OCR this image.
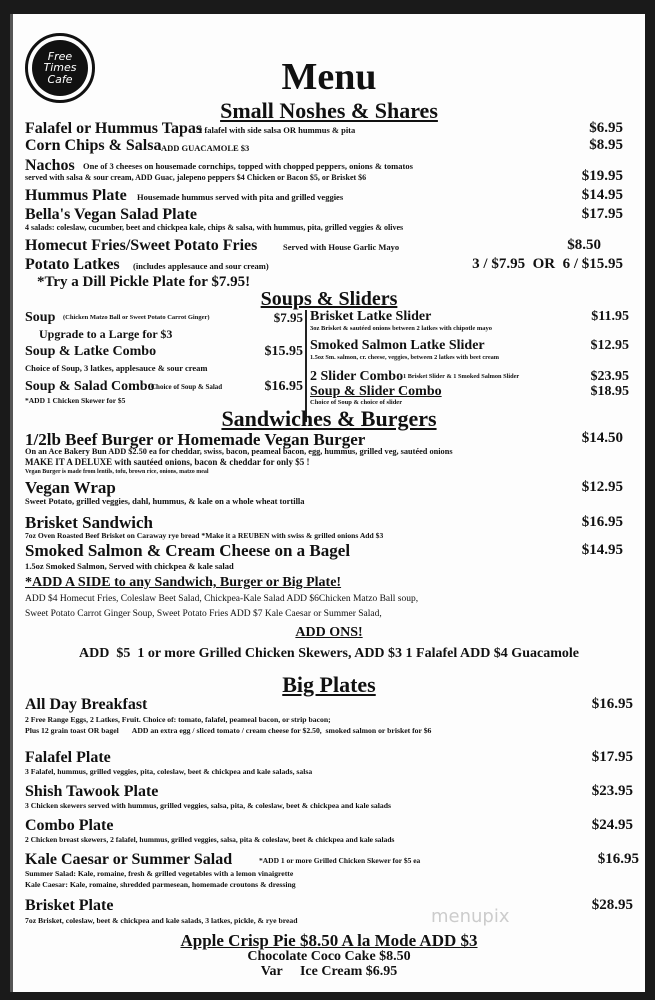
Free
Times
Cafe	Menu
Small Noshes & Shares
Falafel or Hummus Tapas
2 falafel with side salsa OR hummus & pita	$6.95
Corn Chips & Salsa ADD GUACAMOLE $3	$8.95
Nachos One of 3 cheeses on housemade cornchips, topped with chopped peppers, onions & tomatos
served with salsa & sour cream, ADD Guac, jalepeno peppers $4 Chicken or Bacon $5, or Brisket $6	$19.95
Hummus Plate Housemade hummus served with pita and grilled veggies	$14.95
Bella's Vegan Salad Plate
4 salads: coleslaw, cucumber, beet and chickpea kale, chips & salsa, with hummus, pita, grilled veggies & olives
$17.95
Homecut Fries/Sweet Potato Fries	Served with House Garlic Mayo	$8.50
Potato Latkes (includes applesauce and sour cream)	3 / $7.95  OR  6 / $15.95
*Try a Dill Pickle Plate for $7.95!
Soups & Sliders
Soup (Chicken Matzo Ball or Sweet Potato Carrot Ginger)	$7.95
Upgrade to a Large for $3
Soup & Latke Combo	$15.95
Choice of Soup, 3 latkes, applesauce & sour cream
Soup & Salad Combo
Choice of Soup & Salad	$16.95
*ADD 1 Chicken Skewer for $5
Brisket Latke Slider	$11.95
3oz Brisket & sautéed onions between 2 latkes with chipotle mayo
Smoked Salmon Latke Slider	$12.95
1.5oz Sm. salmon, cr. cheese, veggies, between 2 latkes with beet cream
2 Slider Combo 1 Brisket Slider & 1 Smoked Salmon Slider	$23.95
Soup & Slider Combo	$18.95
Choice of Soup & choice of slider
Sandwiches & Burgers
1/2lb Beef Burger or Homemade Vegan Burger	$14.50
On an Ace Bakery Bun ADD $2.50 ea for cheddar, swiss, bacon, peameal bacon, egg, hummus, grilled veg, sautéed onions
MAKE IT A DELUXE with sautéed onions, bacon & cheddar for only $5 !
Vegan Burger is made from lentils, tofu, brown rice, onions, matzo meal
Vegan Wrap	$12.95
Sweet Potato, grilled veggies, dahl, hummus, & kale on a whole wheat tortilla
Brisket Sandwich	$16.95
7oz Oven Roasted Beef Brisket on Caraway rye bread *Make it a REUBEN with swiss & grilled onions Add $3
Smoked Salmon & Cream Cheese on a Bagel	$14.95
1.5oz Smoked Salmon, Served with chickpea & kale salad
*ADD A SIDE to any Sandwich, Burger or Big Plate!
ADD $4 Homecut Fries, Coleslaw Beet Salad, Chickpea-Kale Salad ADD $6Chicken Matzo Ball soup,
Sweet Potato Carrot Ginger Soup, Sweet Potato Fries ADD $7 Kale Caesar or Summer Salad,
ADD ONS!
ADD  $5  1 or more Grilled Chicken Skewers, ADD $3 1 Falafel ADD $4 Guacamole
Big Plates
All Day Breakfast	$16.95
2 Free Range Eggs, 2 Latkes, Fruit. Choice of: tomato, falafel, peameal bacon, or strip bacon;
Plus 12 grain toast OR bagel       ADD an extra egg / sliced tomato / cream cheese for $2.50,  smoked salmon or brisket for $6
Falafel Plate	$17.95
3 Falafel, hummus, grilled veggies, pita, coleslaw, beet & chickpea and kale salads, salsa
Shish Tawook Plate	$23.95
3 Chicken skewers served with hummus, grilled veggies, salsa, pita, & coleslaw, beet & chickpea and kale salads
Combo Plate	$24.95
2 Chicken breast skewers, 2 falafel, hummus, grilled veggies, salsa, pita & coleslaw, beet & chickpea and kale salads
Kale Caesar or Summer Salad	*ADD 1 or more Grilled Chicken Skewer for $5 ea	$16.95
Summer Salad: Kale, romaine, fresh & grilled vegetables with a lemon vinaigrette
Kale Caesar: Kale, romaine, shredded parmesean, homemade croutons & dressing
Brisket Plate	$28.95
7oz Brisket, coleslaw, beet & chickpea and kale salads, 3 latkes, pickle, & rye bread	menupix
Apple Crisp Pie $8.50 A la Mode ADD $3
Chocolate Coco Cake $8.50
Var     Ice Cream $6.95
